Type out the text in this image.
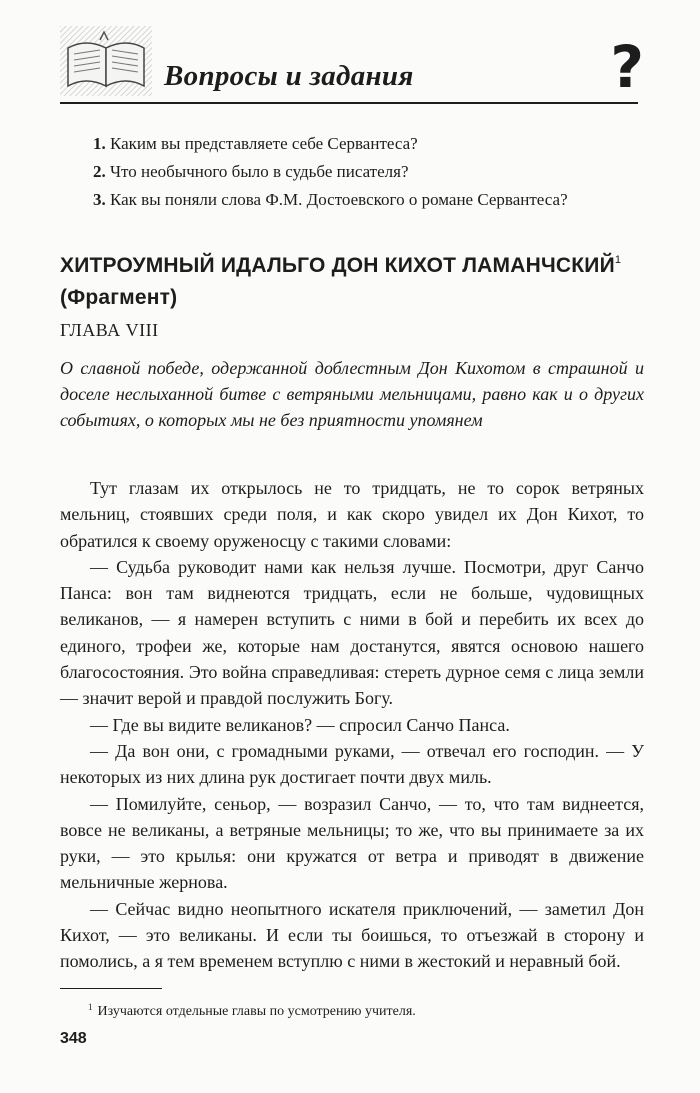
Вопросы и задания	?
1. Каким вы представляете себе Сервантеса?
2. Что необычного было в судьбе писателя?
3. Как вы поняли слова Ф.М. Достоевского о романе Сервантеса?
ХИТРОУМНЫЙ ИДАЛЬГО ДОН КИХОТ ЛАМАНЧСКИЙ$^1$
(Фрагмент)
ГЛАВА VIII
О славной победе, одержанной доблестным Дон Кихотом в страшной и доселе неслыханной битве с ветряными мельницами, равно как и о других событиях, о которых мы не без приятности упомянем

Тут глазам их открылось не то тридцать, не то сорок ветряных мельниц, стоявших среди поля, и как скоро увидел их Дон Кихот, то обратился к своему оруженосцу с такими словами:

— Судьба руководит нами как нельзя лучше. Посмотри, друг Санчо Панса: вон там виднеются тридцать, если не больше, чудовищных великанов, — я намерен вступить с ними в бой и перебить их всех до единого, трофеи же, которые нам достанутся, явятся основою нашего благосостояния. Это война справедливая: стереть дурное семя с лица земли — значит верой и правдой послужить Богу.

— Где вы видите великанов? — спросил Санчо Панса.

— Да вон они, с громадными руками, — отвечал его господин. — У некоторых из них длина рук достигает почти двух миль.

— Помилуйте, сеньор, — возразил Санчо, — то, что там виднеется, вовсе не великаны, а ветряные мельницы; то же, что вы принимаете за их руки, — это крылья: они кружатся от ветра и приводят в движение мельничные жернова.

— Сейчас видно неопытного искателя приключений, — заметил Дон Кихот, — это великаны. И если ты боишься, то отъезжай в сторону и помолись, а я тем временем вступлю с ними в жестокий и неравный бой.

$^1$ Изучаются отдельные главы по усмотрению учителя.
348
